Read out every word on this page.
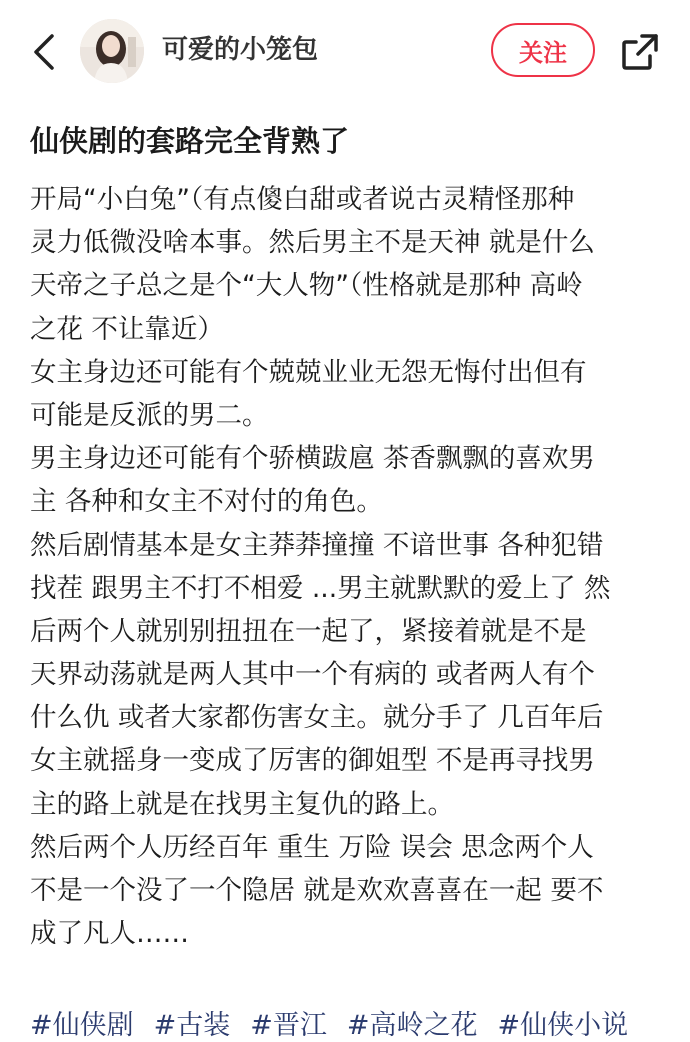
可爱的小笼包	关注
仙侠剧的套路完全背熟了
开局“小白兔”（有点傻白甜或者说古灵精怪那种
灵力低微没啥本事。然后男主不是天神 就是什么
天帝之子总之是个“大人物”（性格就是那种 高岭
之花 不让靠近）
女主身边还可能有个兢兢业业无怨无悔付出但有
可能是反派的男二。
男主身边还可能有个骄横跋扈 茶香飘飘的喜欢男
主 各种和女主不对付的角色。
然后剧情基本是女主莽莽撞撞 不谙世事 各种犯错
找茬 跟男主不打不相爱 ...男主就默默的爱上了 然
后两个人就别别扭扭在一起了，紧接着就是不是
天界动荡就是两人其中一个有病的 或者两人有个
什么仇 或者大家都伤害女主。就分手了 几百年后
女主就摇身一变成了厉害的御姐型 不是再寻找男
主的路上就是在找男主复仇的路上。
然后两个人历经百年 重生 万险 误会 思念两个人
不是一个没了一个隐居 就是欢欢喜喜在一起 要不
成了凡人……
#仙侠剧 #古装 #晋江 #高岭之花 #仙侠小说
